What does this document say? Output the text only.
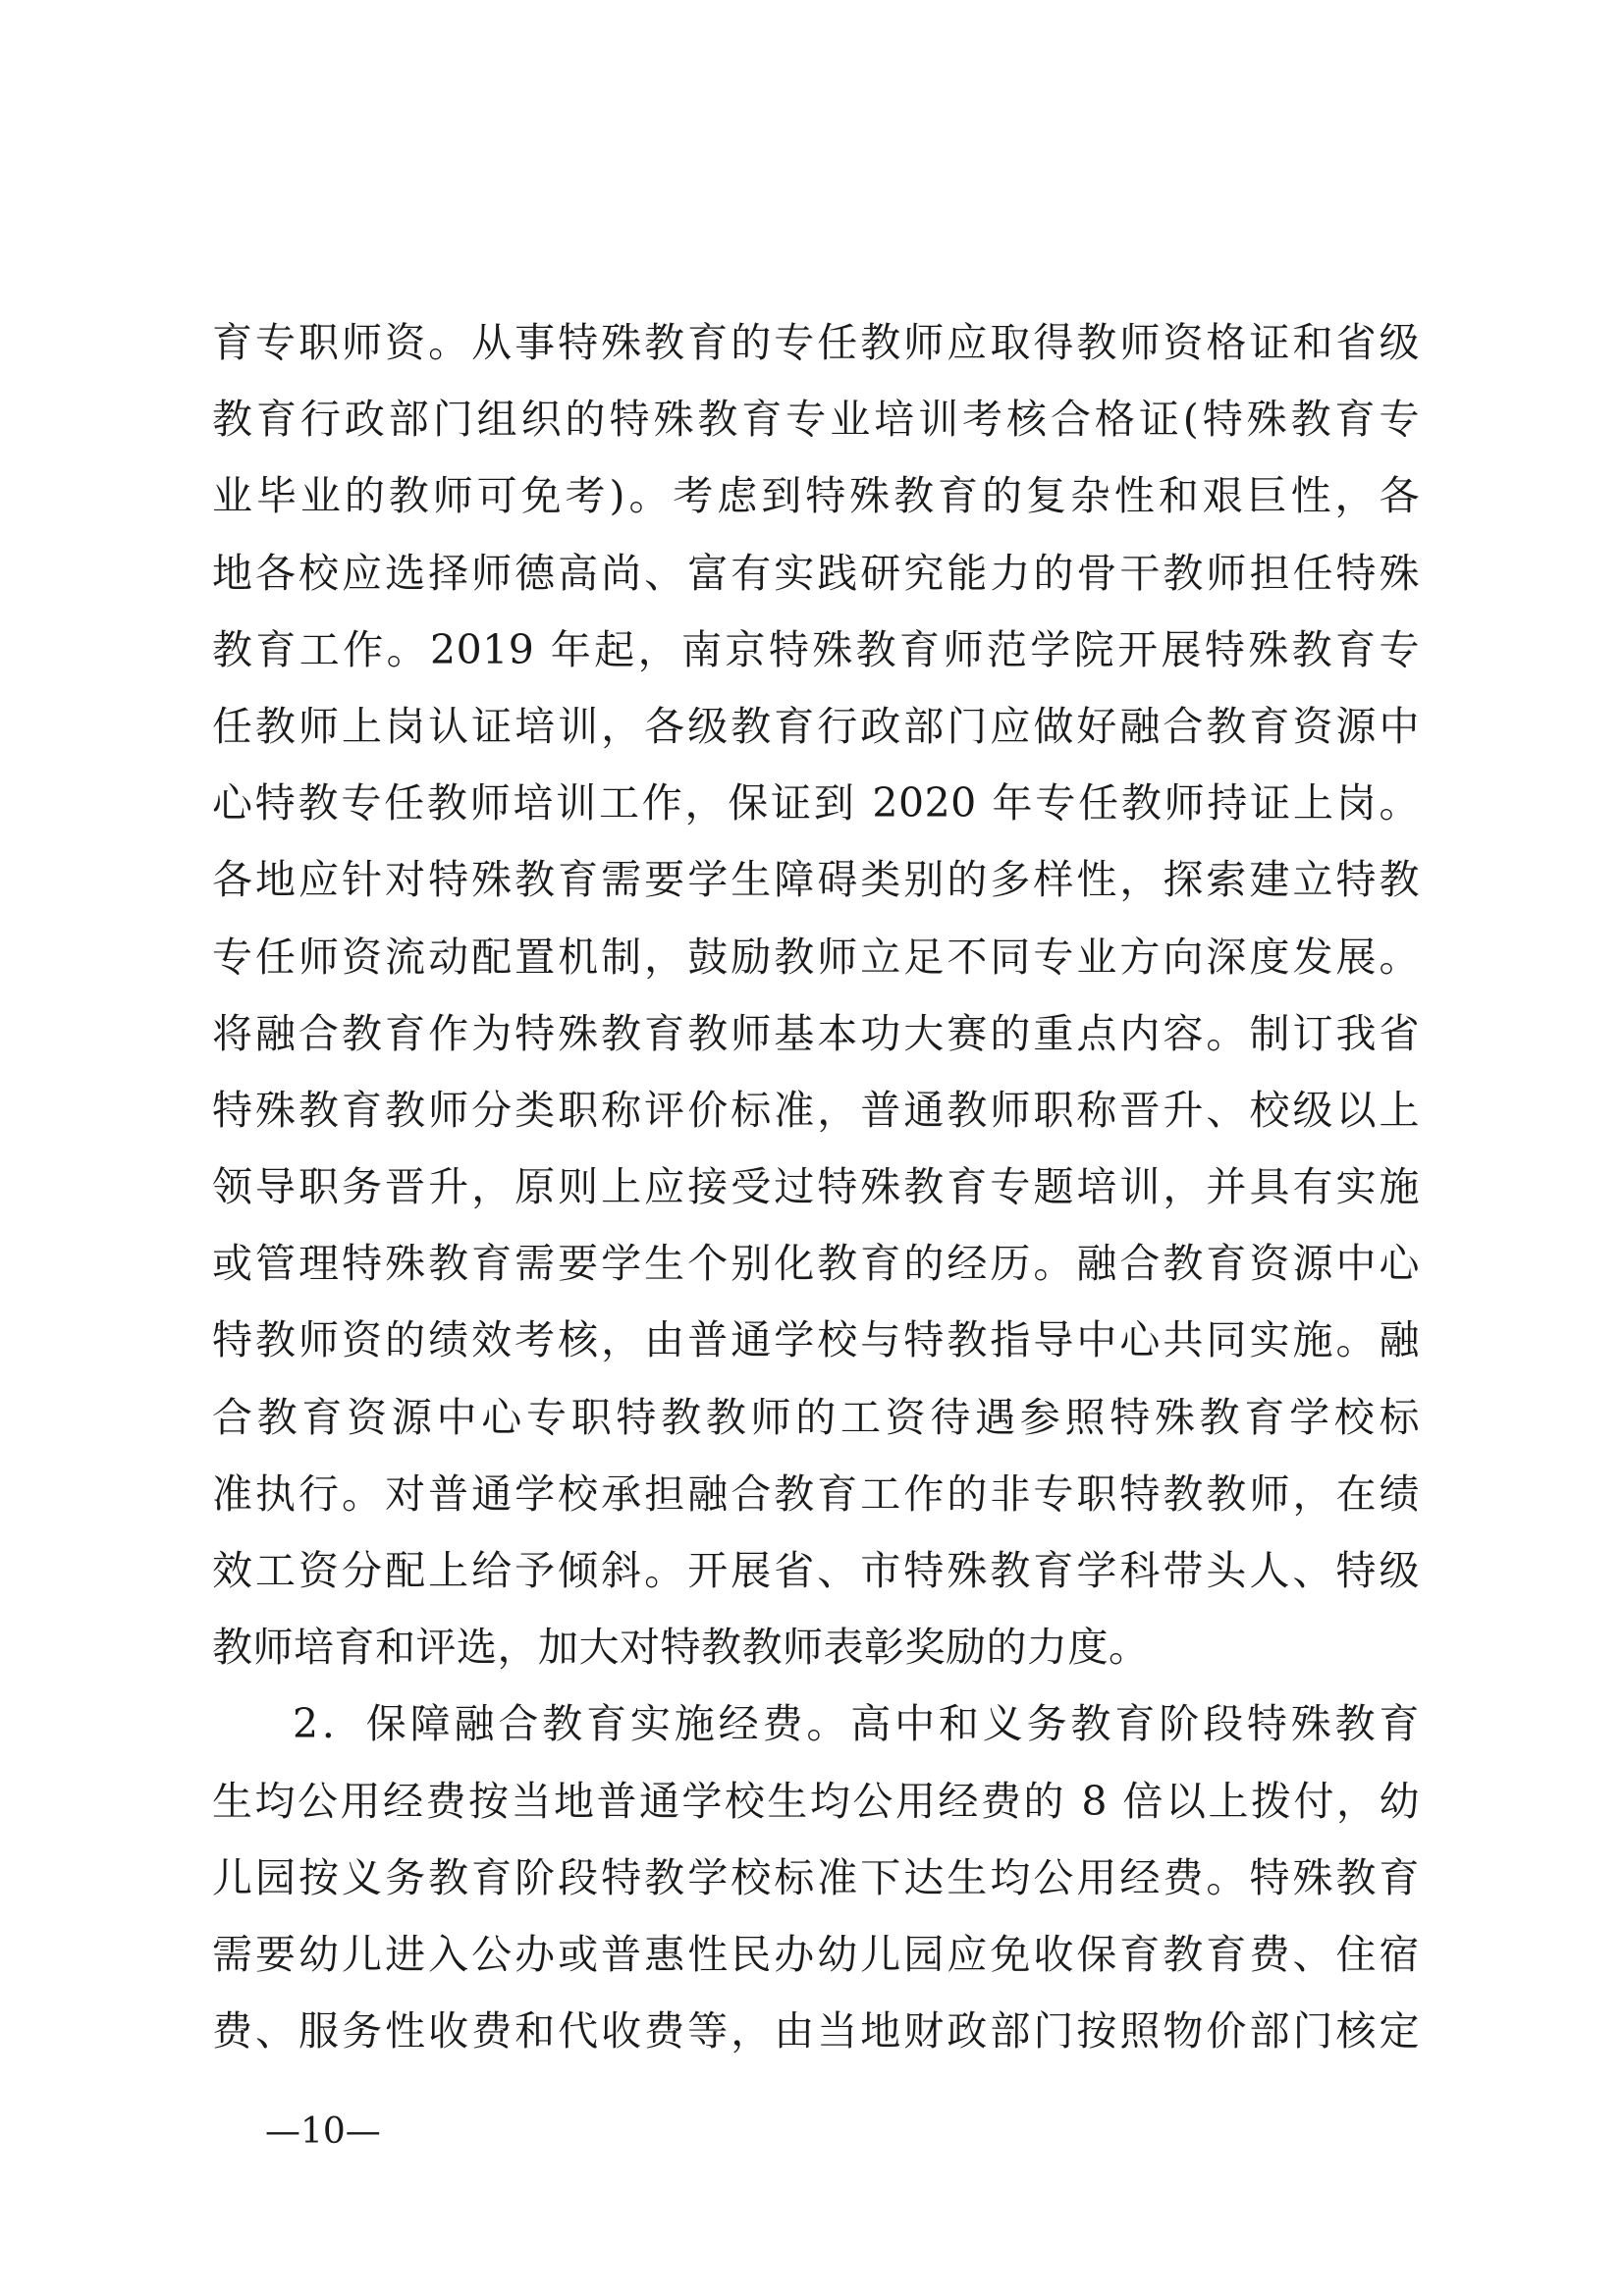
育专职师资。从事特殊教育的专任教师应取得教师资格证和省级
教育行政部门组织的特殊教育专业培训考核合格证(特殊教育专
业毕业的教师可免考)。考虑到特殊教育的复杂性和艰巨性，各
地各校应选择师德高尚、富有实践研究能力的骨干教师担任特殊
教育工作。2019 年起，南京特殊教育师范学院开展特殊教育专
任教师上岗认证培训，各级教育行政部门应做好融合教育资源中
心特教专任教师培训工作，保证到 2020 年专任教师持证上岗。
各地应针对特殊教育需要学生障碍类别的多样性，探索建立特教
专任师资流动配置机制，鼓励教师立足不同专业方向深度发展。
将融合教育作为特殊教育教师基本功大赛的重点内容。制订我省
特殊教育教师分类职称评价标准，普通教师职称晋升、校级以上
领导职务晋升，原则上应接受过特殊教育专题培训，并具有实施
或管理特殊教育需要学生个别化教育的经历。融合教育资源中心
特教师资的绩效考核，由普通学校与特教指导中心共同实施。融
合教育资源中心专职特教教师的工资待遇参照特殊教育学校标
准执行。对普通学校承担融合教育工作的非专职特教教师，在绩
效工资分配上给予倾斜。开展省、市特殊教育学科带头人、特级
教师培育和评选，加大对特教教师表彰奖励的力度。
2．保障融合教育实施经费。高中和义务教育阶段特殊教育
生均公用经费按当地普通学校生均公用经费的 8 倍以上拨付，幼
儿园按义务教育阶段特教学校标准下达生均公用经费。特殊教育
需要幼儿进入公办或普惠性民办幼儿园应免收保育教育费、住宿
费、服务性收费和代收费等，由当地财政部门按照物价部门核定
—10—
